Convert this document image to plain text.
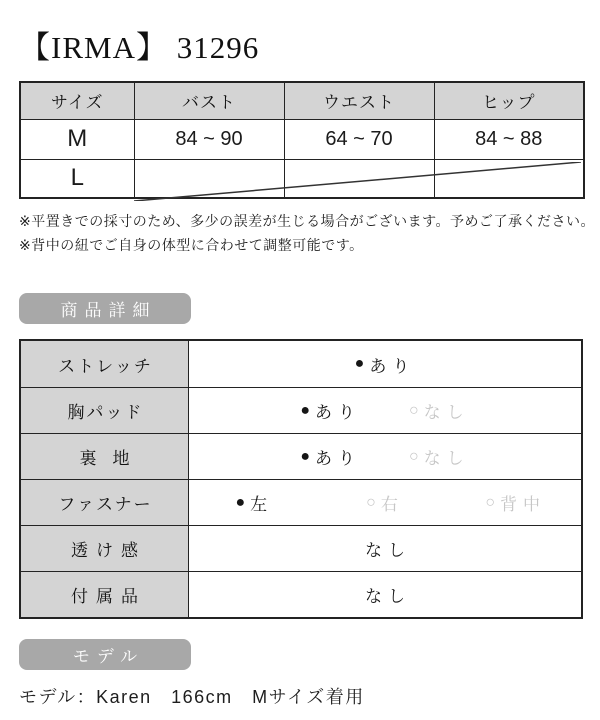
【IRMA】 31296
サイズ	バスト	ウエスト	ヒップ
M	84 ~ 90	64 ~ 70	84 ~ 88
L			
※平置きでの採寸のため、多少の誤差が生じる場合がございます。予めご了承ください。
※背中の紐でご自身の体型に合わせて調整可能です。
商品詳細
ストレッチ	● あり
胸パッド	● あり	○ なし
裏地	● あり	○ なし
ファスナー	● 左	○ 右	○ 背中
透け感	なし
付属品	なし
モデル
モデル：Karen　166cm　Mサイズ着用
